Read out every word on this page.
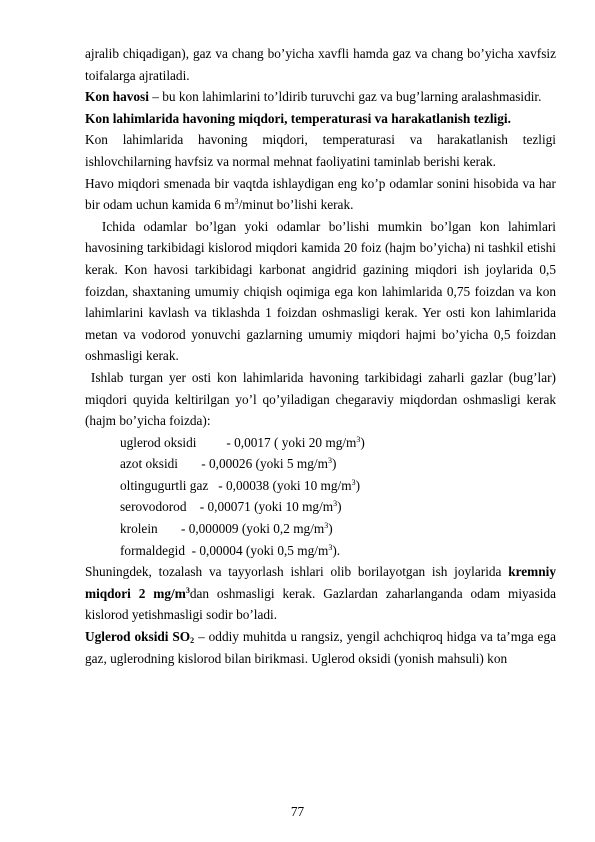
ajralib chiqadigan), gaz va chang bo’yicha xavfli hamda gaz va chang bo’yicha xavfsiz toifalarga ajratiladi.

Kon havosi – bu kon lahimlarini to’ldirib turuvchi gaz va bug’larning aralashmasidir.

Kon lahimlarida havoning miqdori, temperaturasi va harakatlanish tezligi.

Kon lahimlarida havoning miqdori, temperaturasi va harakatlanish tezligi ishlovchilarning havfsiz va normal mehnat faoliyatini taminlab berishi kerak.

Havo miqdori smenada bir vaqtda ishlaydigan eng ko’p odamlar sonini hisobida va har bir odam uchun kamida 6 $m^3$/minut bo’lishi kerak.

Ichida odamlar bo’lgan yoki odamlar bo’lishi mumkin bo’lgan kon lahimlari havosining tarkibidagi kislorod miqdori kamida 20 foiz (hajm bo’yicha) ni tashkil etishi kerak. Kon havosi tarkibidagi karbonat angidrid gazining miqdori ish joylarida 0,5 foizdan, shaxtaning umumiy chiqish oqimiga ega kon lahimlarida 0,75 foizdan va kon lahimlarini kavlash va tiklashda 1 foizdan oshmasligi kerak. Yer osti kon lahimlarida metan va vodorod yonuvchi gazlarning umumiy miqdori hajmi bo’yicha 0,5 foizdan oshmasligi kerak.

Ishlab turgan yer osti kon lahimlarida havoning tarkibidagi zaharli gazlar (bug’lar) miqdori quyida keltirilgan yo’l qo’yiladigan chegaraviy miqdordan oshmasligi kerak (hajm bo’yicha foizda):

uglerod oksidi         - 0,0017 ( yoki 20 $mg/m^3$)

azot oksidi       - 0,00026 (yoki 5 $mg/m^3$)

oltingugurtli gaz   - 0,00038 (yoki 10 $mg/m^3$)

serovodorod    - 0,00071 (yoki 10 $mg/m^3$)

krolein       - 0,000009 (yoki 0,2 $mg/m^3$)

formaldegid  - 0,00004 (yoki 0,5 $mg/m^3$).

Shuningdek, tozalash va tayyorlash ishlari olib borilayotgan ish joylarida kremniy miqdori 2 $mg/m^3dan$ oshmasligi kerak. Gazlardan zaharlanganda odam miyasida kislorod yetishmasligi sodir bo’ladi.

Uglerod oksidi $SO_2$ – oddiy muhitda u rangsiz, yengil achchiqroq hidga va ta’mga ega gaz, uglerodning kislorod bilan birikmasi. Uglerod oksidi (yonish mahsuli) kon

77
